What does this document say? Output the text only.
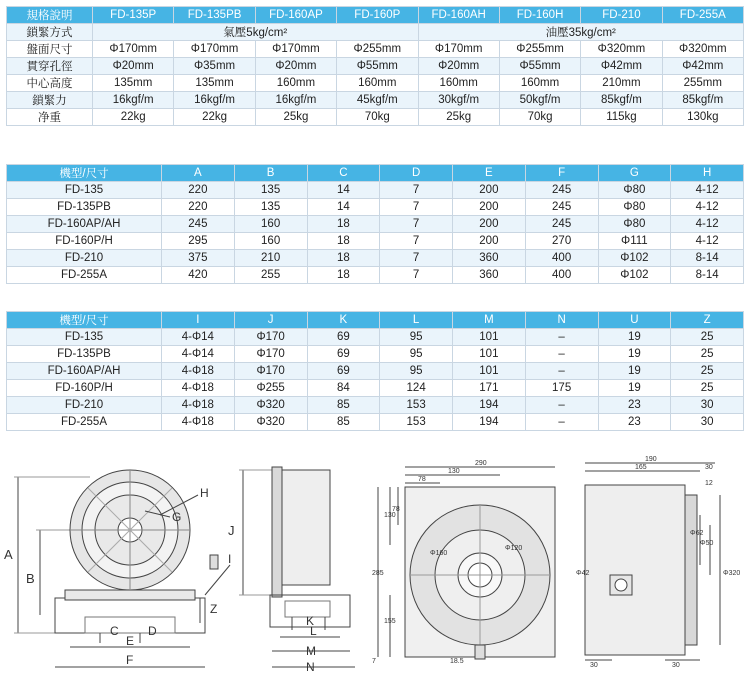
規格說明	FD-135P	FD-135PB	FD-160AP	FD-160P	FD-160AH	FD-160H	FD-210	FD-255A
鎖緊方式	氣壓5kg/cm²				油壓35kg/cm²			
盤面尺寸	Φ170mm	Φ170mm	Φ170mm	Φ255mm	Φ170mm	Φ255mm	Φ320mm	Φ320mm
貫穿孔徑	Φ20mm	Φ35mm	Φ20mm	Φ55mm	Φ20mm	Φ55mm	Φ42mm	Φ42mm
中心高度	135mm	135mm	160mm	160mm	160mm	160mm	210mm	255mm
鎖緊力	16kgf/m	16kgf/m	16kgf/m	45kgf/m	30kgf/m	50kgf/m	85kgf/m	85kgf/m
净重	22kg	22kg	25kg	70kg	25kg	70kg	115kg	130kg
機型/尺寸	A	B	C	D	E	F	G	H
FD-135	220	135	14	7	200	245	Φ80	4-12
FD-135PB	220	135	14	7	200	245	Φ80	4-12
FD-160AP/AH	245	160	18	7	200	245	Φ80	4-12
FD-160P/H	295	160	18	7	200	270	Φ111	4-12
FD-210	375	210	18	7	360	400	Φ102	8-14
FD-255A	420	255	18	7	360	400	Φ102	8-14
機型/尺寸	I	J	K	L	M	N	U	Z
FD-135	4-Φ14	Φ170	69	95	101	–	19	25
FD-135PB	4-Φ14	Φ170	69	95	101	–	19	25
FD-160AP/AH	4-Φ18	Φ170	69	95	101	–	19	25
FD-160P/H	4-Φ18	Φ255	84	124	171	175	19	25
FD-210	4-Φ18	Φ320	85	153	194	–	23	30
FD-255A	4-Φ18	Φ320	85	153	194	–	23	30
A
B
H
G
I
Z
C D
E
F
J
K
L
M
N
290
130
78
Φ160
Φ120
285
130
78
155
7	18.5
190
165	30
12
Φ320
Φ50
Φ62
Φ42
30	30
